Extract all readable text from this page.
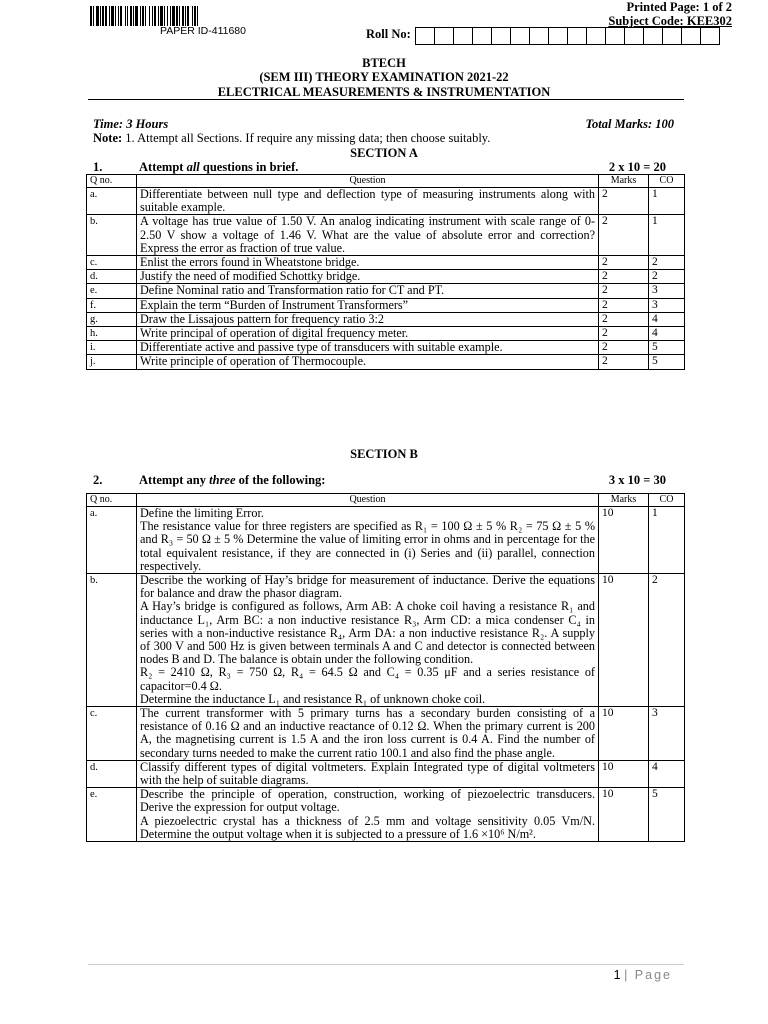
PAPER ID-411680
Printed Page: 1 of 2
Subject Code: KEE302
Roll No:
BTECH
(SEM III) THEORY EXAMINATION 2021-22
ELECTRICAL MEASUREMENTS & INSTRUMENTATION
Time: 3 Hours	Total Marks: 100
Note: 1. Attempt all Sections. If require any missing data; then choose suitably.
SECTION A
1.	Attempt all questions in brief.	2 x 10 = 20
Q no.	Question	Marks	CO
a.	Differentiate between null type and deflection type of measuring instruments along with suitable example.	2	1
b.	A voltage has true value of 1.50 V. An analog indicating instrument with scale range of 0-2.50 V show a voltage of 1.46 V. What are the value of absolute error and correction? Express the error as fraction of true value.	2	1
c.	Enlist the errors found in Wheatstone bridge.	2	2
d.	Justify the need of modified Schottky bridge.	2	2
e.	Define Nominal ratio and Transformation ratio for CT and PT.	2	3
f.	Explain the term “Burden of Instrument Transformers”	2	3
g.	Draw the Lissajous pattern for frequency ratio 3:2	2	4
h.	Write principal of operation of digital frequency meter.	2	4
i.	Differentiate active and passive type of transducers with suitable example.	2	5
j.	Write principle of operation of Thermocouple.	2	5
SECTION B
2.	Attempt any three of the following:	3 x 10 = 30
Q no.	Question	Marks	CO
a.	Define the limiting Error.

The resistance value for three registers are specified as R₁ = 100 Ω ± 5 % R₂ = 75 Ω ± 5 % and R₃ = 50 Ω ± 5 % Determine the value of limiting error in ohms and in percentage for the total equivalent resistance, if they are connected in (i) Series and (ii) parallel, connection respectively.	10	1
b.	Describe the working of Hay’s bridge for measurement of inductance. Derive the equations for balance and draw the phasor diagram.

A Hay’s bridge is configured as follows, Arm AB: A choke coil having a resistance R₁ and inductance L₁, Arm BC: a non inductive resistance R₃, Arm CD: a mica condenser C₄ in series with a non-inductive resistance R₄, Arm DA: a non inductive resistance R₂. A supply of 300 V and 500 Hz is given between terminals A and C and detector is connected between nodes B and D. The balance is obtain under the following condition.

R₂ = 2410 Ω, R₃ = 750 Ω, R₄ = 64.5 Ω and C₄ = 0.35 μF and a series resistance of capacitor=0.4 Ω.

Determine the inductance L₁ and resistance R₁ of unknown choke coil.	10	2
c.	The current transformer with 5 primary turns has a secondary burden consisting of a resistance of 0.16 Ω and an inductive reactance of 0.12 Ω. When the primary current is 200 A, the magnetising current is 1.5 A and the iron loss current is 0.4 A. Find the number of secondary turns needed to make the current ratio 100.1 and also find the phase angle.	10	3
d.	Classify different types of digital voltmeters. Explain Integrated type of digital voltmeters with the help of suitable diagrams.	10	4
e.	Describe the principle of operation, construction, working of piezoelectric transducers. Derive the expression for output voltage.

A piezoelectric crystal has a thickness of 2.5 mm and voltage sensitivity 0.05 Vm/N. Determine the output voltage when it is subjected to a pressure of 1.6 ×10⁶ N/m².	10	5
1 | Page
